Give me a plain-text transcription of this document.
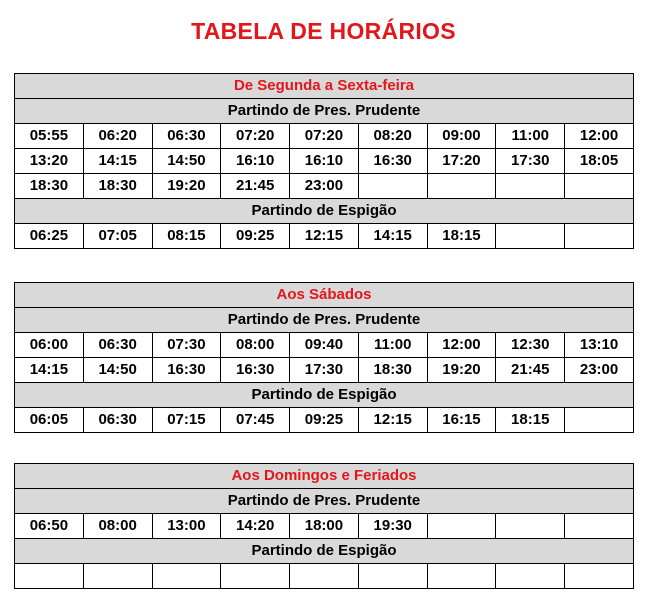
TABELA DE HORÁRIOS
De Segunda a Sexta-feira								
Partindo de Pres. Prudente								
05:55	06:20	06:30	07:20	07:20	08:20	09:00	11:00	12:00
13:20	14:15	14:50	16:10	16:10	16:30	17:20	17:30	18:05
18:30	18:30	19:20	21:45	23:00				
Partindo de Espigão								
06:25	07:05	08:15	09:25	12:15	14:15	18:15		
Aos Sábados								
Partindo de Pres. Prudente								
06:00	06:30	07:30	08:00	09:40	11:00	12:00	12:30	13:10
14:15	14:50	16:30	16:30	17:30	18:30	19:20	21:45	23:00
Partindo de Espigão								
06:05	06:30	07:15	07:45	09:25	12:15	16:15	18:15	
Aos Domingos e Feriados								
Partindo de Pres. Prudente								
06:50	08:00	13:00	14:20	18:00	19:30			
Partindo de Espigão								
